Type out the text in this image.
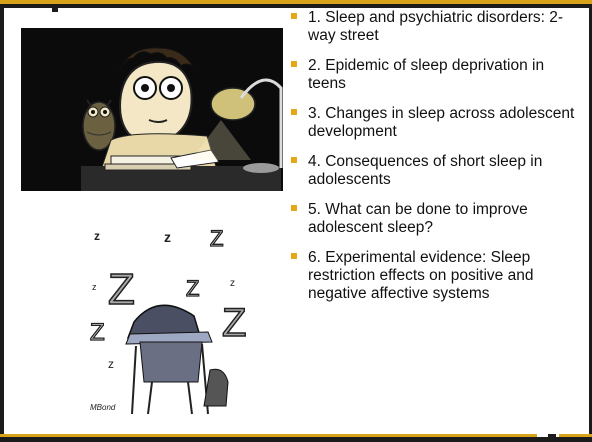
z	z Z
Z
z	Z	z
Z	Z
z
MBond
1. Sleep and psychiatric disorders: 2-way street
2. Epidemic of sleep deprivation in teens
3. Changes in sleep across adolescent development
4. Consequences of short sleep in adolescents
5. What can be done to improve adolescent sleep?
6. Experimental evidence: Sleep restriction effects on positive and negative affective systems
